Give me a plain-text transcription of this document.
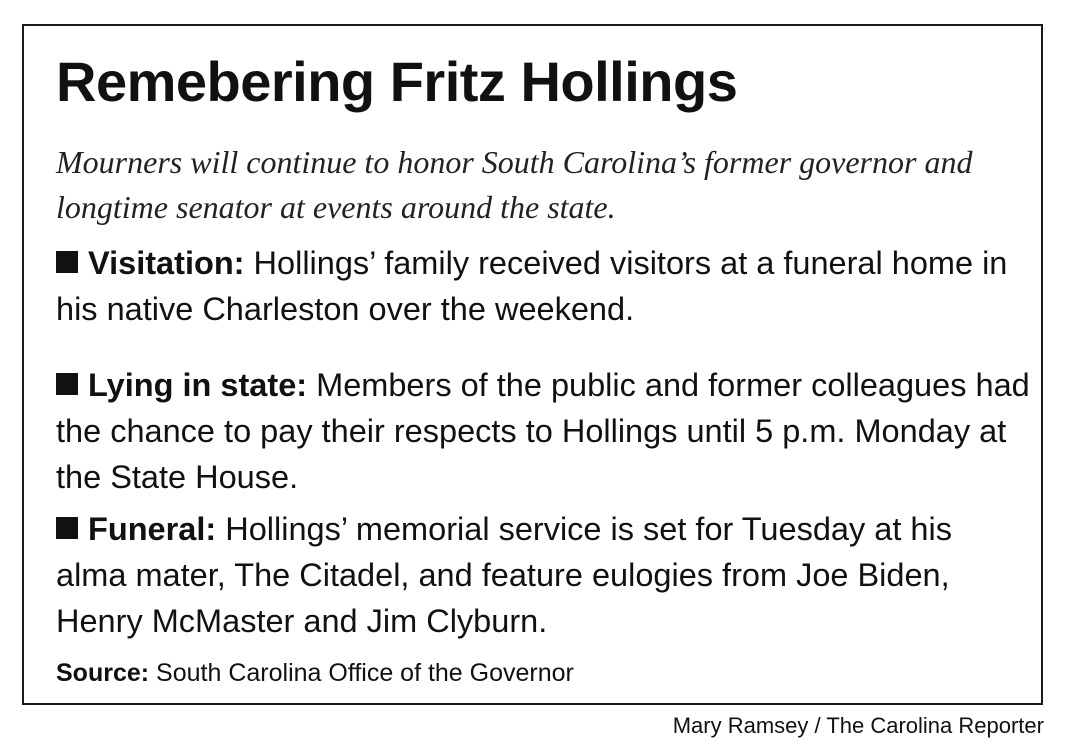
Remebering Fritz Hollings

Mourners will continue to honor South Carolina’s former governor and longtime senator at events around the state.

Visitation: Hollings’ family received visitors at a funeral home in his native Charleston over the weekend.

Lying in state: Members of the public and former colleagues had the chance to pay their respects to Hollings until 5 p.m. Monday at the State House.

Funeral: Hollings’ memorial service is set for Tuesday at his alma mater, The Citadel, and feature eulogies from Joe Biden, Henry McMaster and Jim Clyburn.

Source: South Carolina Office of the Governor

Mary Ramsey / The Carolina Reporter
